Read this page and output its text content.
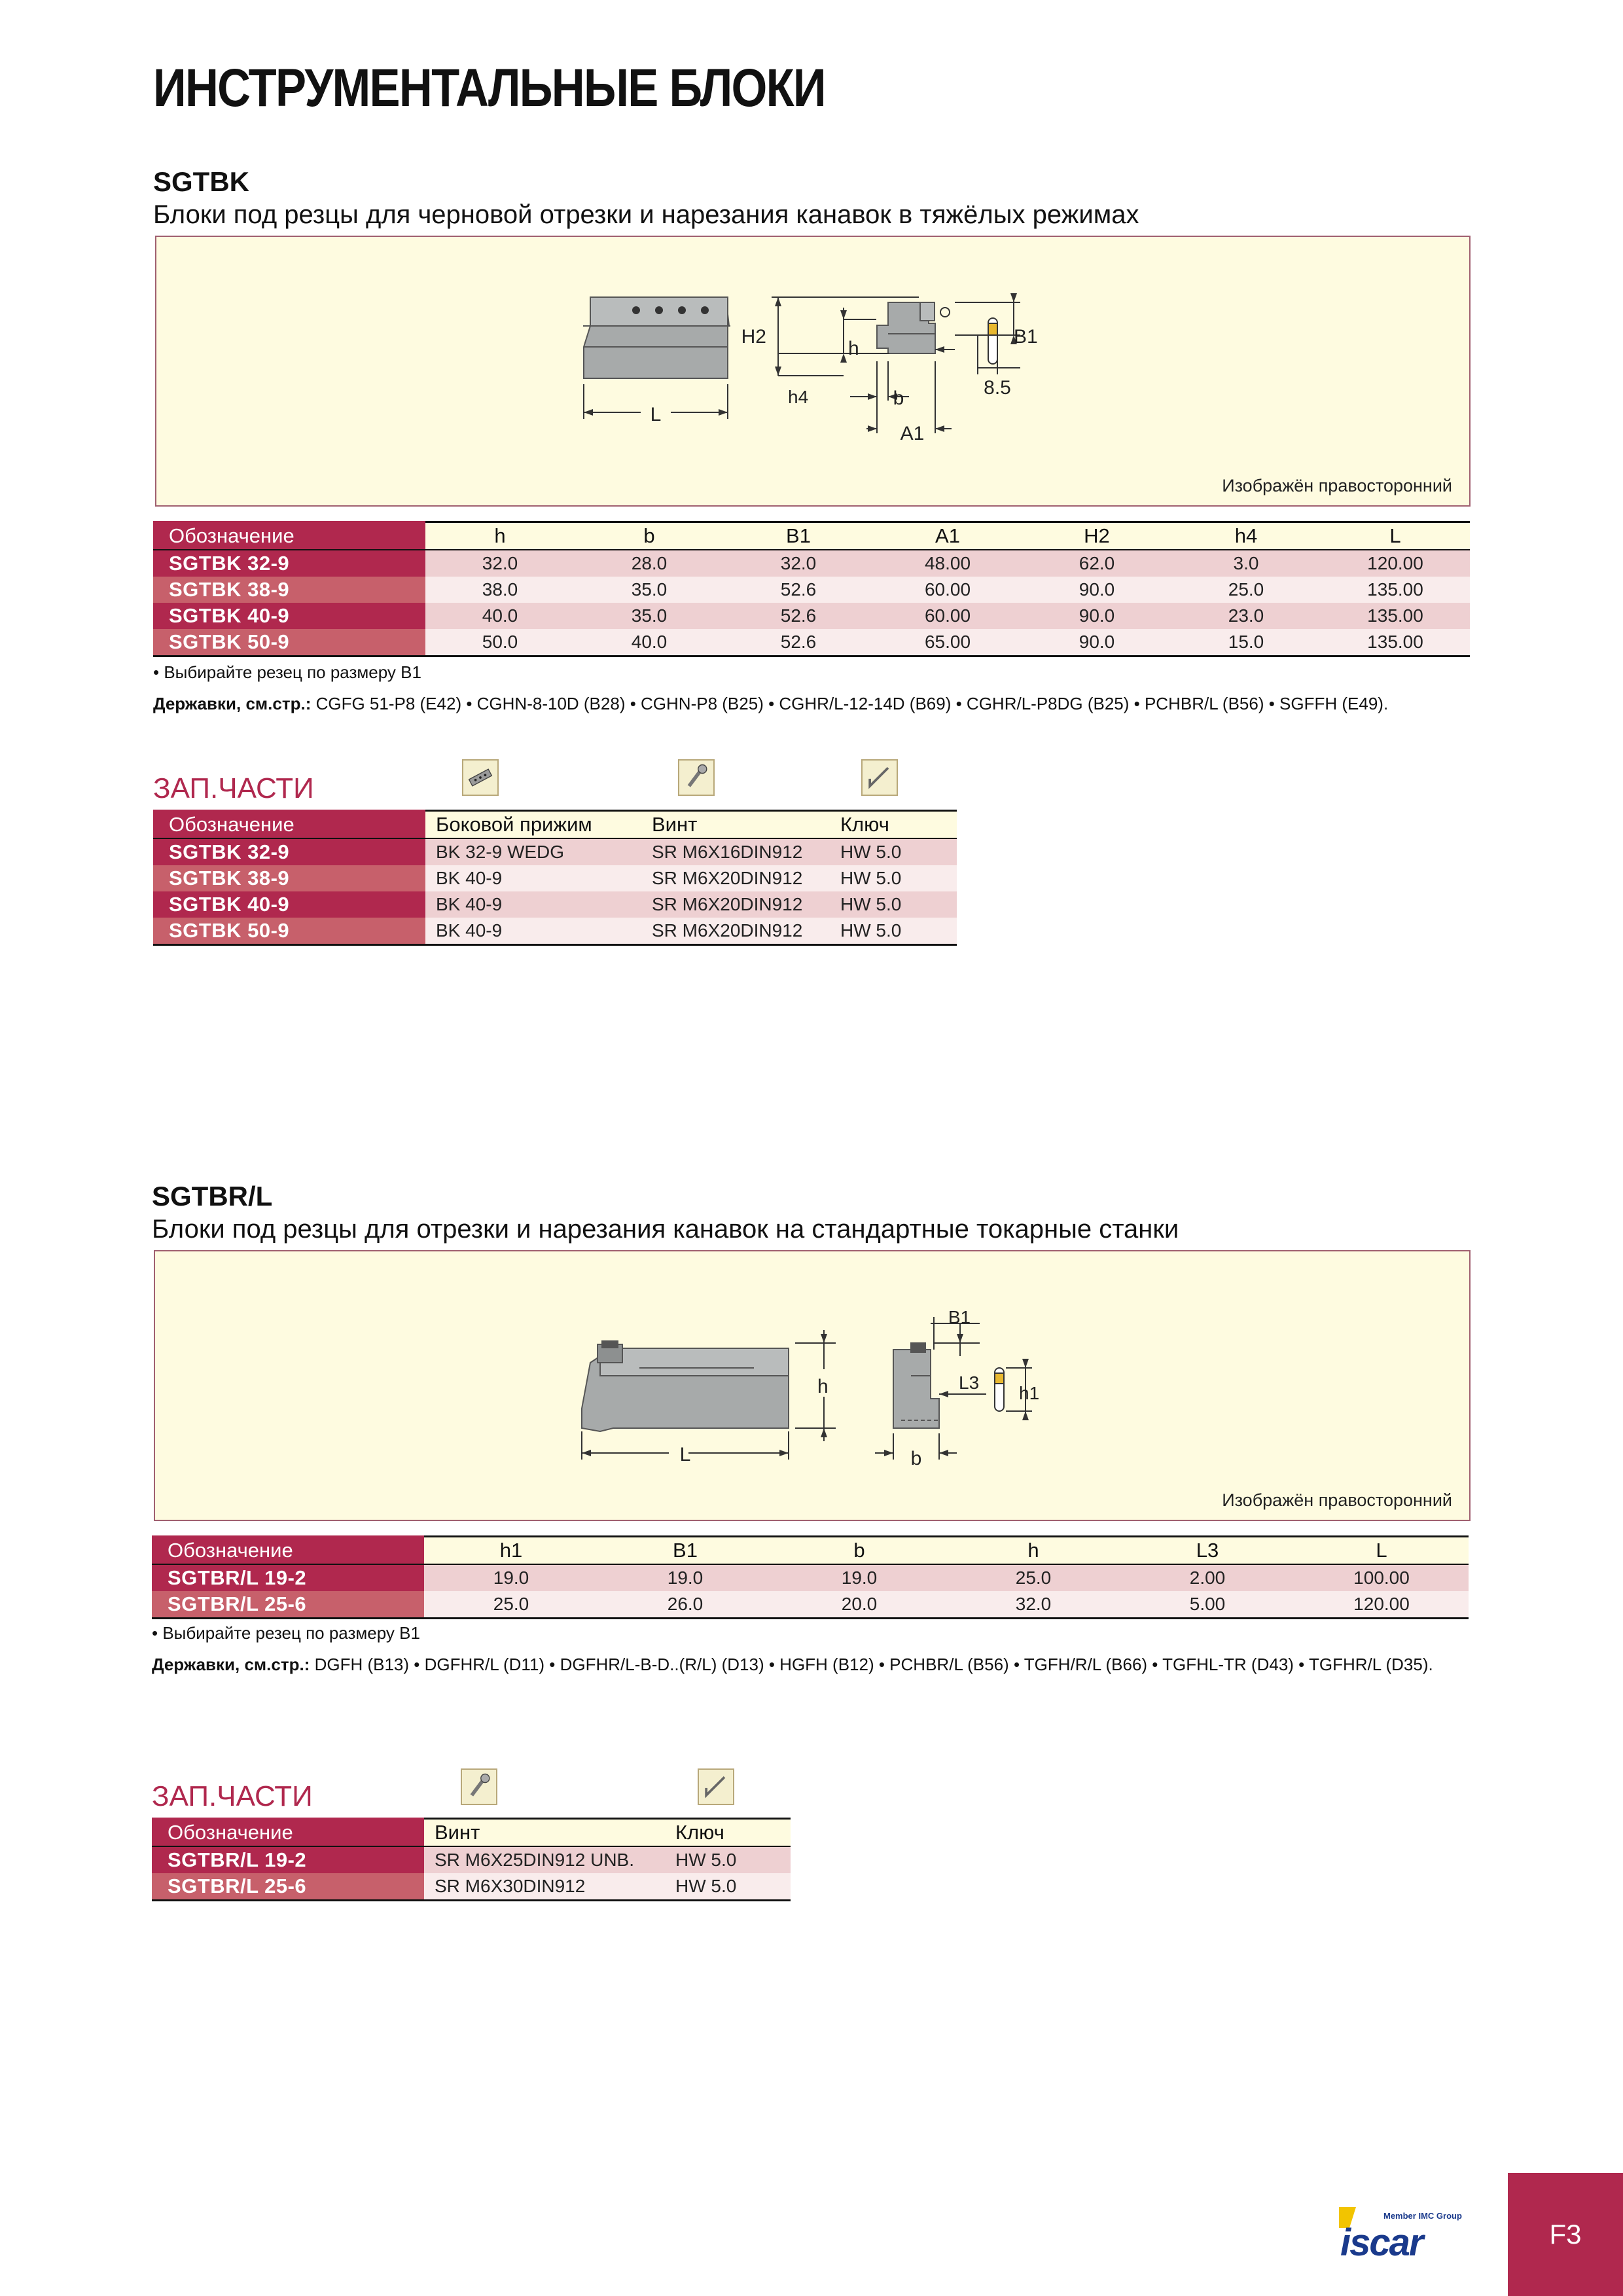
ИНСТРУМЕНТАЛЬНЫЕ БЛОКИ
SGTBK
Блоки под резцы для черновой отрезки и нарезания канавок в тяжёлых режимах
L
H2
h
h4	b
A1
B1
8.5
Изображён правосторонний
Обозначение	h	b	B1	A1	H2	h4	L
SGTBK 32-9	32.0	28.0	32.0	48.00	62.0	3.0	120.00
SGTBK 38-9	38.0	35.0	52.6	60.00	90.0	25.0	135.00
SGTBK 40-9	40.0	35.0	52.6	60.00	90.0	23.0	135.00
SGTBK 50-9	50.0	40.0	52.6	65.00	90.0	15.0	135.00
• Выбирайте резец по размеру B1
Державки, см.стр.: CGFG 51-P8 (E42) • CGHN-8-10D (B28) • CGHN-P8 (B25) • CGHR/L-12-14D (B69) • CGHR/L-P8DG (B25) • PCHBR/L (B56) • SGFFH (E49).
ЗАП.ЧАСТИ
Обозначение	Боковой прижим	Винт	Ключ
SGTBK 32-9	BK 32-9 WEDG	SR M6X16DIN912	HW 5.0
SGTBK 38-9	BK 40-9	SR M6X20DIN912	HW 5.0
SGTBK 40-9	BK 40-9	SR M6X20DIN912	HW 5.0
SGTBK 50-9	BK 40-9	SR M6X20DIN912	HW 5.0
SGTBR/L
Блоки под резцы для отрезки и нарезания канавок на стандартные токарные станки
L
h
b
B1
L3
h1
Изображён правосторонний
Обозначение	h1	B1	b	h	L3	L
SGTBR/L 19-2	19.0	19.0	19.0	25.0	2.00	100.00
SGTBR/L 25-6	25.0	26.0	20.0	32.0	5.00	120.00
• Выбирайте резец по размеру B1
Державки, см.стр.: DGFH (B13) • DGFHR/L (D11) • DGFHR/L-B-D..(R/L) (D13) • HGFH (B12) • PCHBR/L (B56) • TGFH/R/L (B66) • TGFHL-TR (D43) • TGFHR/L (D35).
ЗАП.ЧАСТИ
Обозначение	Винт	Ключ
SGTBR/L 19-2	SR M6X25DIN912 UNB.	HW 5.0
SGTBR/L 25-6	SR M6X30DIN912	HW 5.0
Member IMC Group
iscar	F3
